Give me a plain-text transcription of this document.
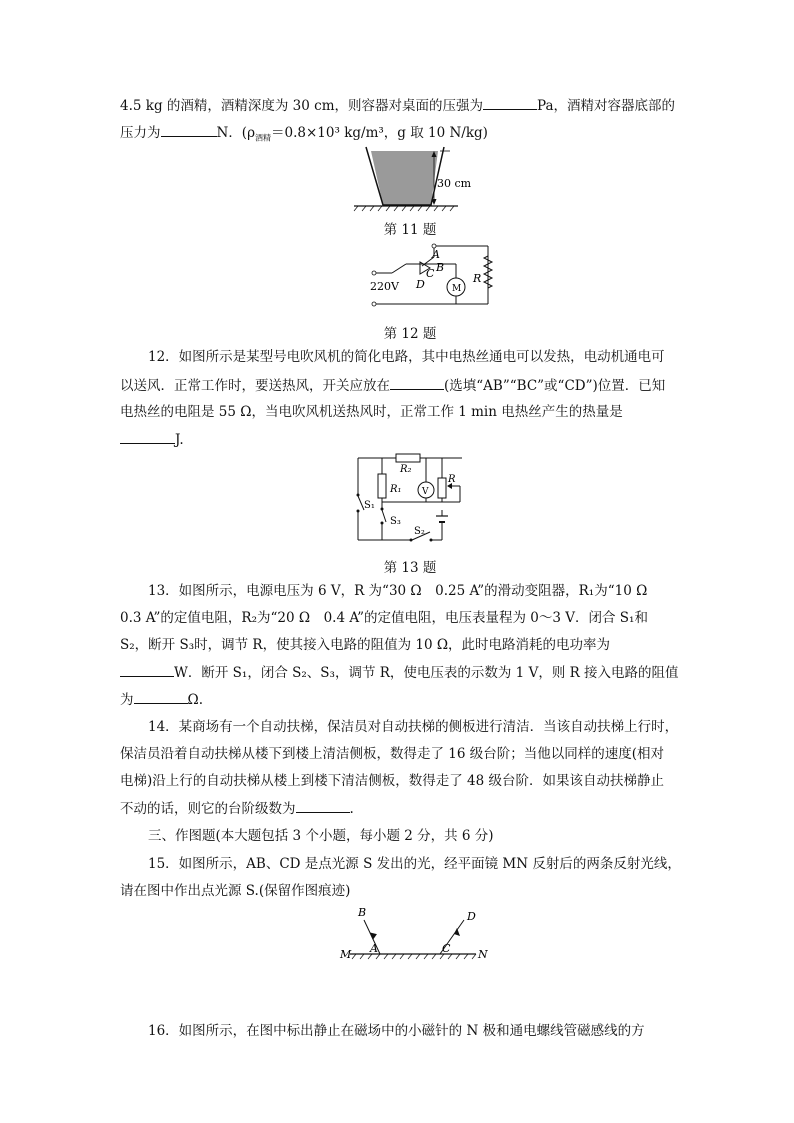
4.5 kg 的酒精，酒精深度为 30 cm，则容器对桌面的压强为	Pa，酒精对容器底部的
压力为	N．($\rho_{酒精}=0.8\times 10^3$ kg/m³，g 取 10 N/kg)
30 cm
第 11 题
A
B
C
D	R
M
220V
第 12 题
12．如图所示是某型号电吹风机的简化电路，其中电热丝通电可以发热，电动机通电可
以送风．正常工作时，要送热风，开关应放在	(选填“AB”“BC”或“CD”)位置．已知
电热丝的电阻是 55 Ω，当电吹风机送热风时，正常工作 1 min 电热丝产生的热量是
J.
R₂
R₁
R
V
S₁
S₃
S₂
第 13 题
13．如图所示，电源电压为 6 V，R 为“30 Ω　0.25 A”的滑动变阻器，R₁为“10 Ω
0.3 A”的定值电阻，R₂为“20 Ω　0.4 A”的定值电阻，电压表量程为 0～3 V．闭合 S₁和
S₂，断开 S₃时，调节 R，使其接入电路的阻值为 10 Ω，此时电路消耗的电功率为
W．断开 S₁，闭合 S₂、S₃，调节 R，使电压表的示数为 1 V，则 R 接入电路的阻值
为	Ω.
14．某商场有一个自动扶梯，保洁员对自动扶梯的侧板进行清洁．当该自动扶梯上行时，
保洁员沿着自动扶梯从楼下到楼上清洁侧板，数得走了 16 级台阶；当他以同样的速度(相对
电梯)沿上行的自动扶梯从楼上到楼下清洁侧板，数得走了 48 级台阶．如果该自动扶梯静止
不动的话，则它的台阶级数为	.
三、作图题(本大题包括 3 个小题，每小题 2 分，共 6 分)
15．如图所示，AB、CD 是点光源 S 发出的光，经平面镜 MN 反射后的两条反射光线，
请在图中作出点光源 S.(保留作图痕迹)
B
A
D
C
M	N
16．如图所示，在图中标出静止在磁场中的小磁针的 N 极和通电螺线管磁感线的方
